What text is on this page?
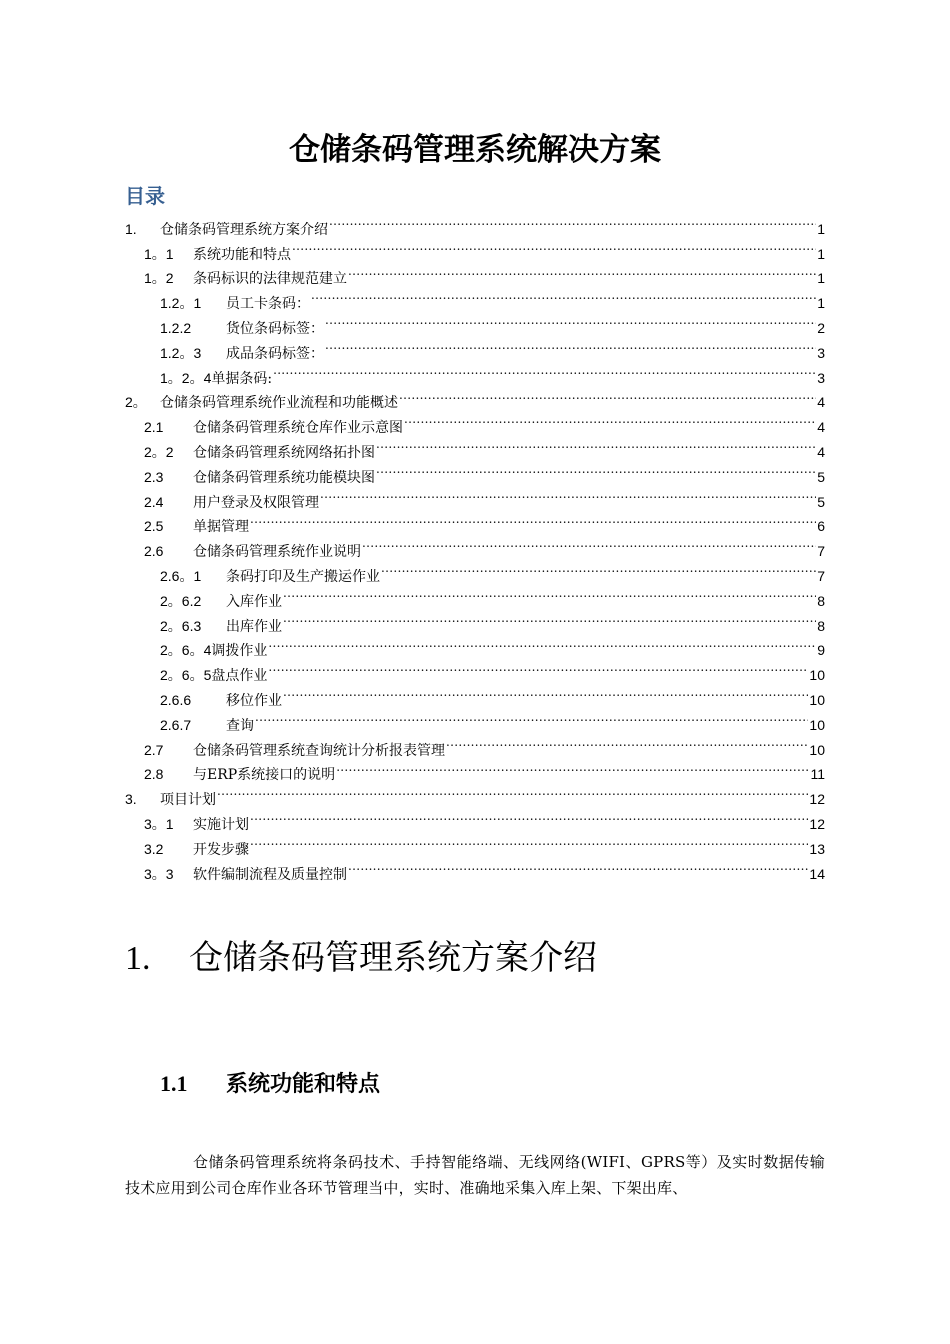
仓储条码管理系统解决方案
目录
1.	仓储条码管理系统方案介绍 .....	1
1。1	系统功能和特点 .....	1
1。2	条码标识的法律规范建立 .....	1
1.2。1	员工卡条码： .....	1
1.2.2	货位条码标签： .....	2
1.2。3	成品条码标签： .....	3
1。2。4 单据条码: .....	3
2。 仓储条码管理系统作业流程和功能概述 .....	4
2.1	仓储条码管理系统仓库作业示意图 .....	4
2。2	仓储条码管理系统网络拓扑图 .....	4
2.3	仓储条码管理系统功能模块图 .....	5
2.4	用户登录及权限管理 .....	5
2.5	单据管理 .....	6
2.6	仓储条码管理系统作业说明 .....	7
2.6。1	条码打印及生产搬运作业 .....	7
2。6.2	入库作业 .....	8
2。6.3	出库作业 .....	8
2。6。4 调拨作业 .....	9
2。6。5 盘点作业 .....	10
2.6.6	移位作业 .....	10
2.6.7	查询 .....	10
2.7	仓储条码管理系统查询统计分析报表管理 .....	10
2.8	与ERP系统接口的说明 .....	11
3.	项目计划 .....	12
3。1	实施计划 .....	12
3.2	开发步骤 .....	13
3。3	软件编制流程及质量控制 .....	14
1. 仓储条码管理系统方案介绍
1.1 系统功能和特点

仓储条码管理系统将条码技术、手持智能络端、无线网络(WIFI、GPRS等）及实时数据传输技术应用到公司仓库作业各环节管理当中，实时、准确地采集入库上架、下架出库、
